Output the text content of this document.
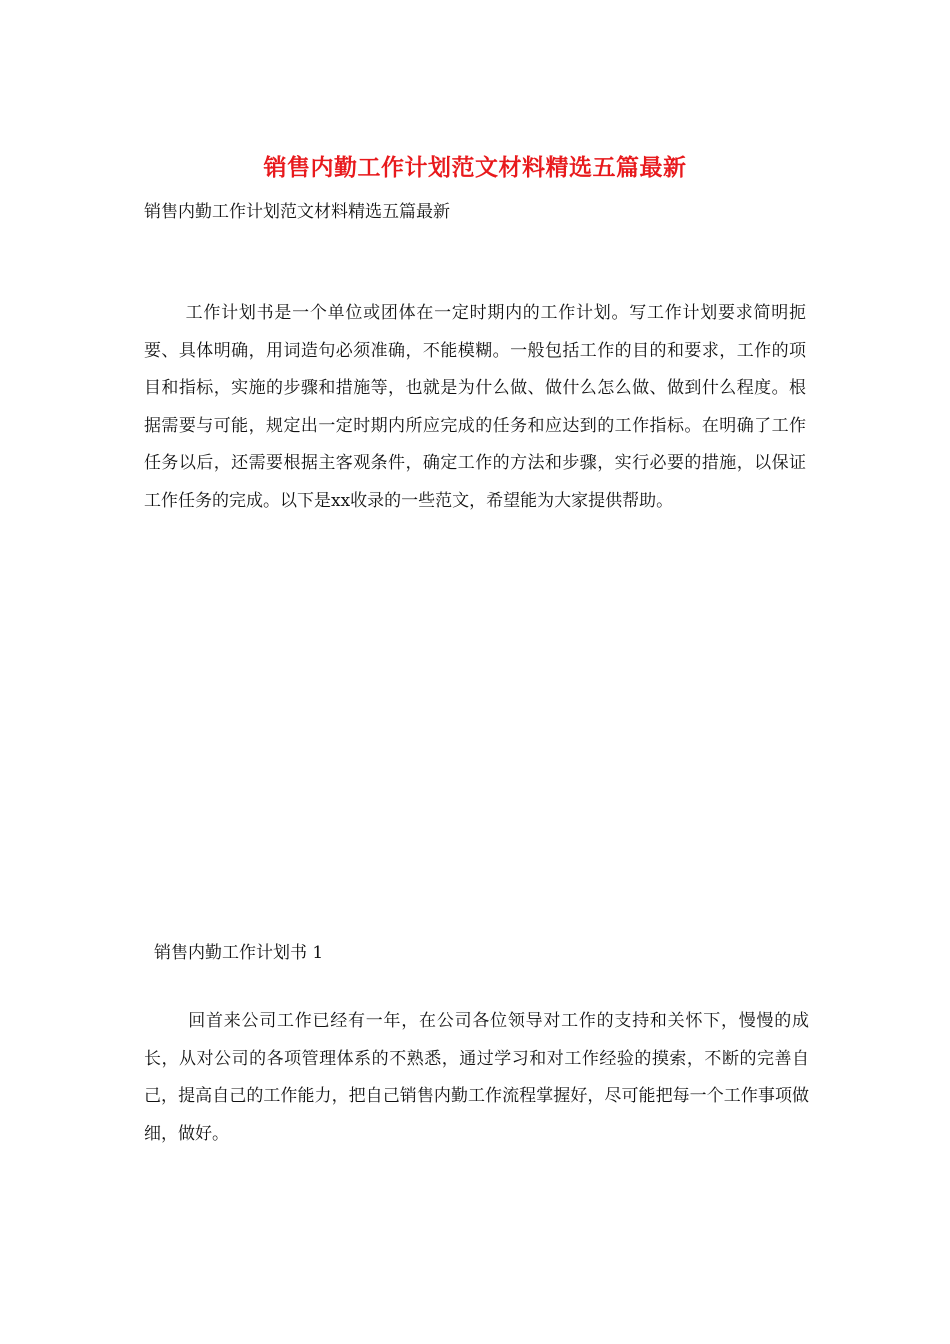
销售内勤工作计划范文材料精选五篇最新
销售内勤工作计划范文材料精选五篇最新
工作计划书是一个单位或团体在一定时期内的工作计划。写工作计划要求简明扼要、具体明确，用词造句必须准确，不能模糊。一般包括工作的目的和要求，工作的项目和指标，实施的步骤和措施等，也就是为什么做、做什么怎么做、做到什么程度。根据需要与可能，规定出一定时期内所应完成的任务和应达到的工作指标。在明确了工作任务以后，还需要根据主客观条件，确定工作的方法和步骤，实行必要的措施，以保证工作任务的完成。以下是xx收录的一些范文，希望能为大家提供帮助。
销售内勤工作计划书 1
回首来公司工作已经有一年，在公司各位领导对工作的支持和关怀下，慢慢的成长，从对公司的各项管理体系的不熟悉，通过学习和对工作经验的摸索，不断的完善自己，提高自己的工作能力，把自己销售内勤工作流程掌握好，尽可能把每一个工作事项做细，做好。
